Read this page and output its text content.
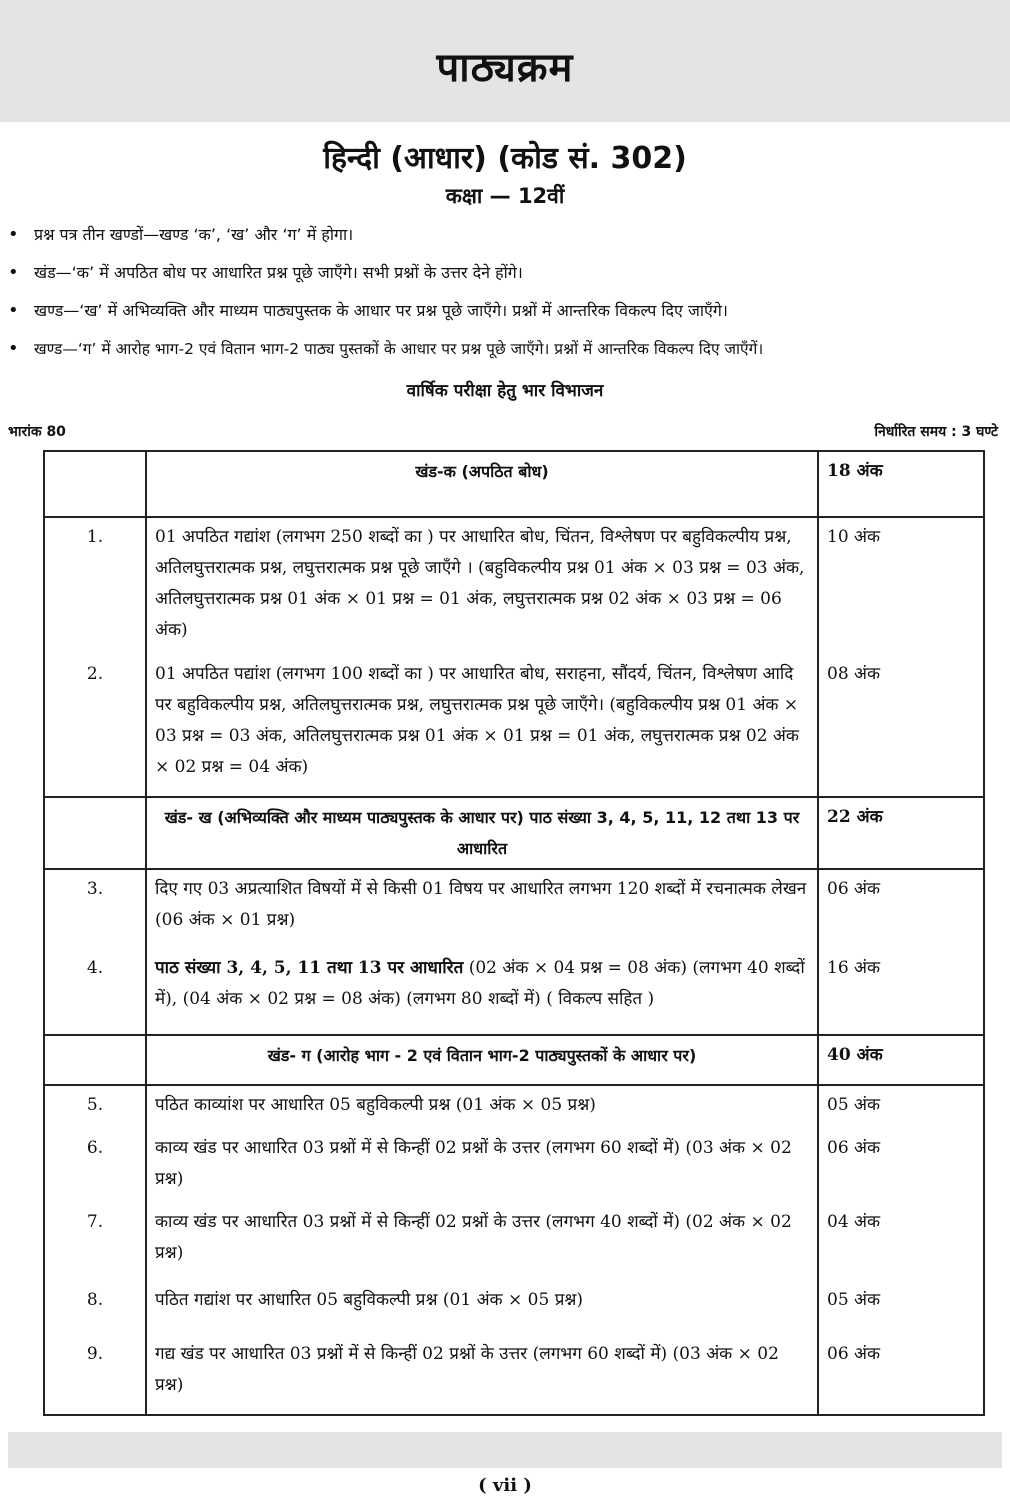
पाठ्यक्रम
हिन्दी (आधार) (कोड सं. 302)
कक्षा — 12वीं
• प्रश्न पत्र तीन खण्डों—खण्ड ‘क’, ‘ख’ और ‘ग’ में होगा।
• खंड—‘क’ में अपठित बोध पर आधारित प्रश्न पूछे जाएँगे। सभी प्रश्नों के उत्तर देने होंगे।
• खण्ड—‘ख’ में अभिव्यक्ति और माध्यम पाठ्यपुस्तक के आधार पर प्रश्न पूछे जाएँगे। प्रश्नों में आन्तरिक विकल्प दिए जाएँगे।
• खण्ड—‘ग’ में आरोह भाग-2 एवं वितान भाग-2 पाठ्य पुस्तकों के आधार पर प्रश्न पूछे जाएँगे। प्रश्नों में आन्तरिक विकल्प दिए जाएँगें।
वार्षिक परीक्षा हेतु भार विभाजन
भारांक 80	निर्धारित समय : 3 घण्टे
	खंड-क (अपठित बोध)	18 अंक
1.	01 अपठित गद्यांश (लगभग 250 शब्दों का ) पर आधारित बोध, चिंतन, विश्लेषण पर बहुविकल्पीय प्रश्न, अतिलघुत्तरात्मक प्रश्न, लघुत्तरात्मक प्रश्न पूछे जाएँगे । (बहुविकल्पीय प्रश्न 01 अंक × 03 प्रश्न = 03 अंक, अतिलघुत्तरात्मक प्रश्न 01 अंक × 01 प्रश्न = 01 अंक, लघुत्तरात्मक प्रश्न 02 अंक × 03 प्रश्न = 06 अंक)	10 अंक
2.	01 अपठित पद्यांश (लगभग 100 शब्दों का ) पर आधारित बोध, सराहना, सौंदर्य, चिंतन, विश्लेषण आदि पर बहुविकल्पीय प्रश्न, अतिलघुत्तरात्मक प्रश्न, लघुत्तरात्मक प्रश्न पूछे जाएँगे। (बहुविकल्पीय प्रश्न 01 अंक × 03 प्रश्न = 03 अंक, अतिलघुत्तरात्मक प्रश्न 01 अंक × 01 प्रश्न = 01 अंक, लघुत्तरात्मक प्रश्न 02 अंक × 02 प्रश्न = 04 अंक)	08 अंक
	खंड- ख (अभिव्यक्ति और माध्यम पाठ्यपुस्तक के आधार पर) पाठ संख्या 3, 4, 5, 11, 12 तथा 13 पर आधारित	22 अंक
3.	दिए गए 03 अप्रत्याशित विषयों में से किसी 01 विषय पर आधारित लगभग 120 शब्दों में रचनात्मक लेखन (06 अंक × 01 प्रश्न)	06 अंक
4.	पाठ संख्या 3, 4, 5, 11 तथा 13 पर आधारित (02 अंक × 04 प्रश्न = 08 अंक) (लगभग 40 शब्दों में), (04 अंक × 02 प्रश्न = 08 अंक) (लगभग 80 शब्दों में) ( विकल्प सहित )	16 अंक
	खंड- ग (आरोह भाग - 2 एवं वितान भाग-2 पाठ्यपुस्तकों के आधार पर)	40 अंक
5.	पठित काव्यांश पर आधारित 05 बहुविकल्पी प्रश्न (01 अंक × 05 प्रश्न)	05 अंक
6.	काव्य खंड पर आधारित 03 प्रश्नों में से किन्हीं 02 प्रश्नों के उत्तर (लगभग 60 शब्दों में) (03 अंक × 02 प्रश्न)	06 अंक
7.	काव्य खंड पर आधारित 03 प्रश्नों में से किन्हीं 02 प्रश्नों के उत्तर (लगभग 40 शब्दों में) (02 अंक × 02 प्रश्न)	04 अंक
8.	पठित गद्यांश पर आधारित 05 बहुविकल्पी प्रश्न (01 अंक × 05 प्रश्न)	05 अंक
9.	गद्य खंड पर आधारित 03 प्रश्नों में से किन्हीं 02 प्रश्नों के उत्तर (लगभग 60 शब्दों में) (03 अंक × 02 प्रश्न)	06 अंक
( vii )
